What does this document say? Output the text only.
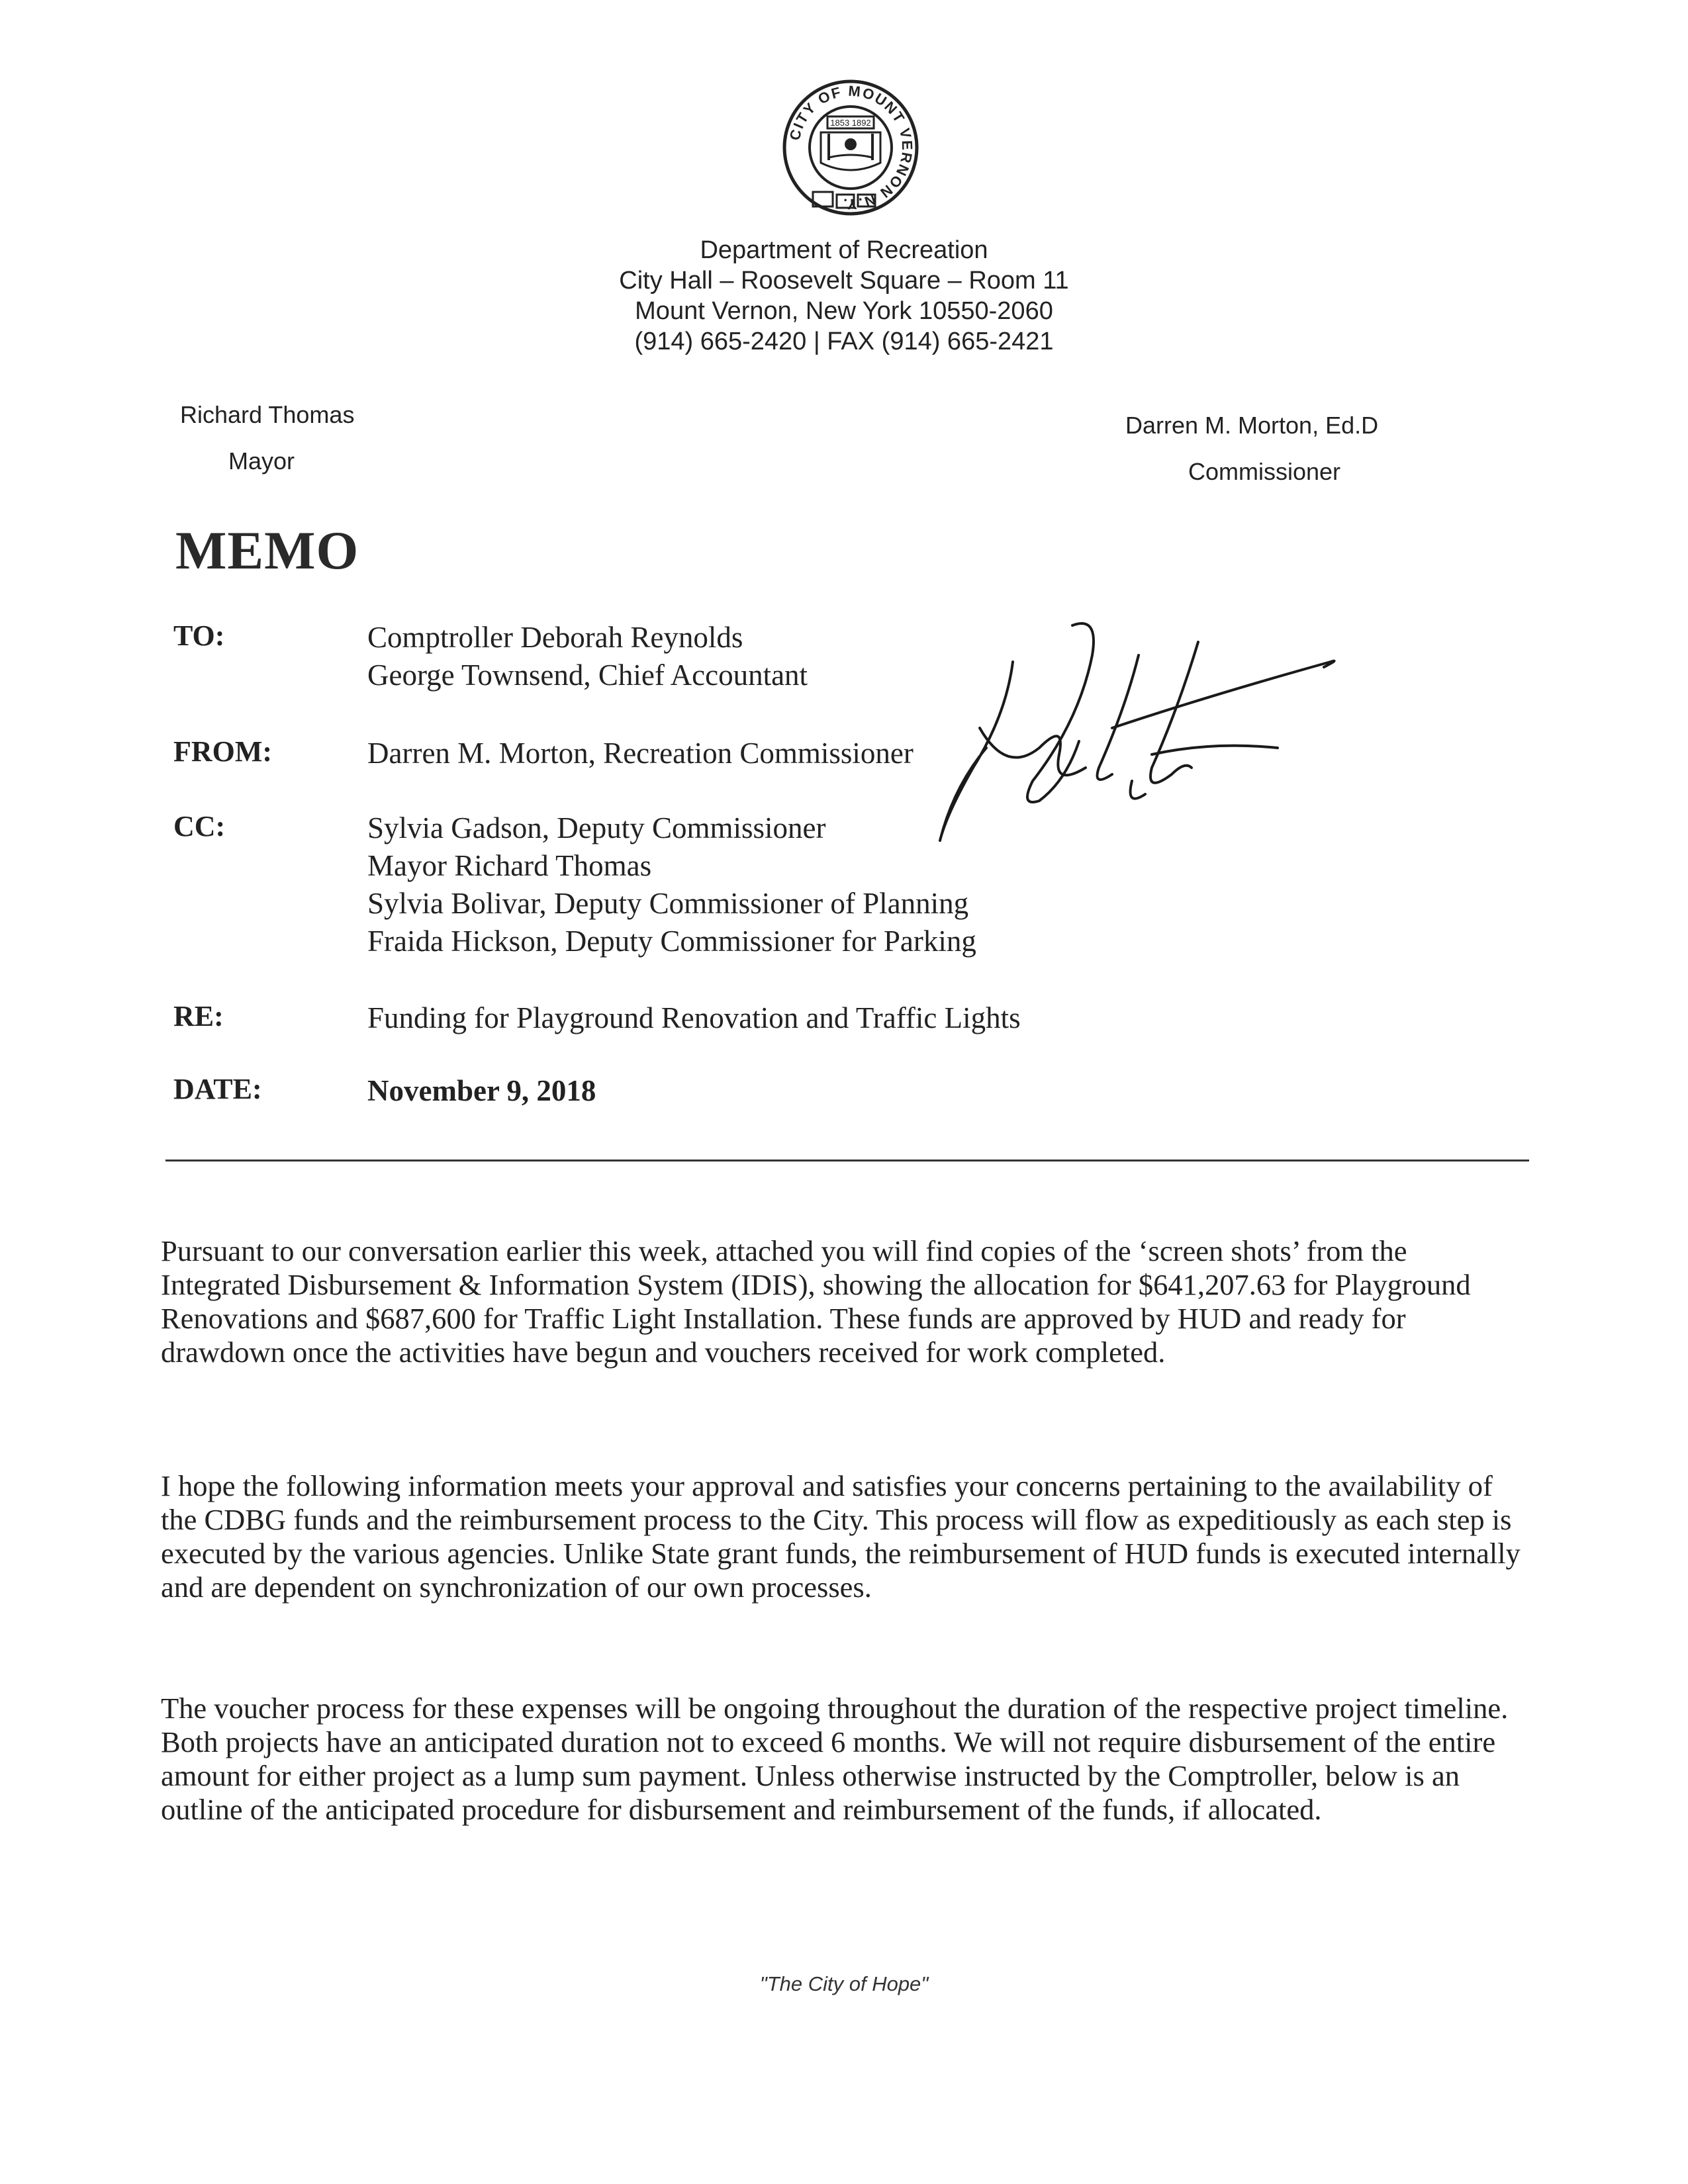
CITY OF MOUNT VERNON N.Y.
1853 1892
Department of Recreation
City Hall – Roosevelt Square – Room 11
Mount Vernon, New York 10550-2060
(914) 665-2420 | FAX (914) 665-2421
Richard Thomas
Mayor
Darren M. Morton, Ed.D
Commissioner
MEMO
TO:	Comptroller Deborah Reynolds
George Townsend, Chief Accountant
FROM:	Darren M. Morton, Recreation Commissioner
CC:	Sylvia Gadson, Deputy Commissioner
Mayor Richard Thomas
Sylvia Bolivar, Deputy Commissioner of Planning
Fraida Hickson, Deputy Commissioner for Parking
RE:	Funding for Playground Renovation and Traffic Lights
DATE:	November 9, 2018

Pursuant to our conversation earlier this week, attached you will find copies of the ‘screen shots’ from the Integrated Disbursement & Information System (IDIS), showing the allocation for $641,207.63 for Playground Renovations and $687,600 for Traffic Light Installation. These funds are approved by HUD and ready for drawdown once the activities have begun and vouchers received for work completed.

I hope the following information meets your approval and satisfies your concerns pertaining to the availability of the CDBG funds and the reimbursement process to the City. This process will flow as expeditiously as each step is executed by the various agencies. Unlike State grant funds, the reimbursement of HUD funds is executed internally and are dependent on synchronization of our own processes.

The voucher process for these expenses will be ongoing throughout the duration of the respective project timeline. Both projects have an anticipated duration not to exceed 6 months. We will not require disbursement of the entire amount for either project as a lump sum payment. Unless otherwise instructed by the Comptroller, below is an outline of the anticipated procedure for disbursement and reimbursement of the funds, if allocated.

"The City of Hope"
